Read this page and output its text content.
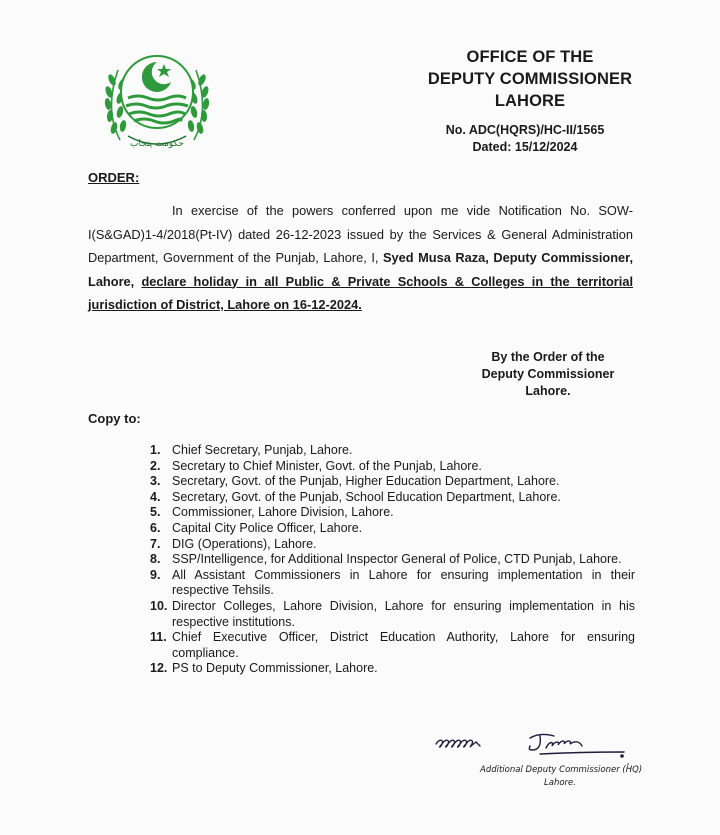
حکومت پنجاب
OFFICE OF THE
DEPUTY COMMISSIONER
LAHORE
No. ADC(HQRS)/HC-II/1565
Dated: 15/12/2024
ORDER:
In exercise of the powers conferred upon me vide Notification No. SOW-I(S&GAD)1-4/2018(Pt-IV) dated 26-12-2023 issued by the Services & General Administration Department, Government of the Punjab, Lahore, I, Syed Musa Raza, Deputy Commissioner, Lahore, declare holiday in all Public & Private Schools & Colleges in the territorial jurisdiction of District, Lahore on 16-12-2024.
By the Order of the
Deputy Commissioner
Lahore.
Copy to:
1. Chief Secretary, Punjab, Lahore.
2. Secretary to Chief Minister, Govt. of the Punjab, Lahore.
3. Secretary, Govt. of the Punjab, Higher Education Department, Lahore.
4. Secretary, Govt. of the Punjab, School Education Department, Lahore.
5. Commissioner, Lahore Division, Lahore.
6. Capital City Police Officer, Lahore.
7. DIG (Operations), Lahore.
8. SSP/Intelligence, for Additional Inspector General of Police, CTD Punjab, Lahore.
9. All Assistant Commissioners in Lahore for ensuring implementation in their respective Tehsils.
10. Director Colleges, Lahore Division, Lahore for ensuring implementation in his respective institutions.
11. Chief Executive Officer, District Education Authority, Lahore for ensuring compliance.
12. PS to Deputy Commissioner, Lahore.
Additional Deputy Commissioner (HQ)
Lahore.
